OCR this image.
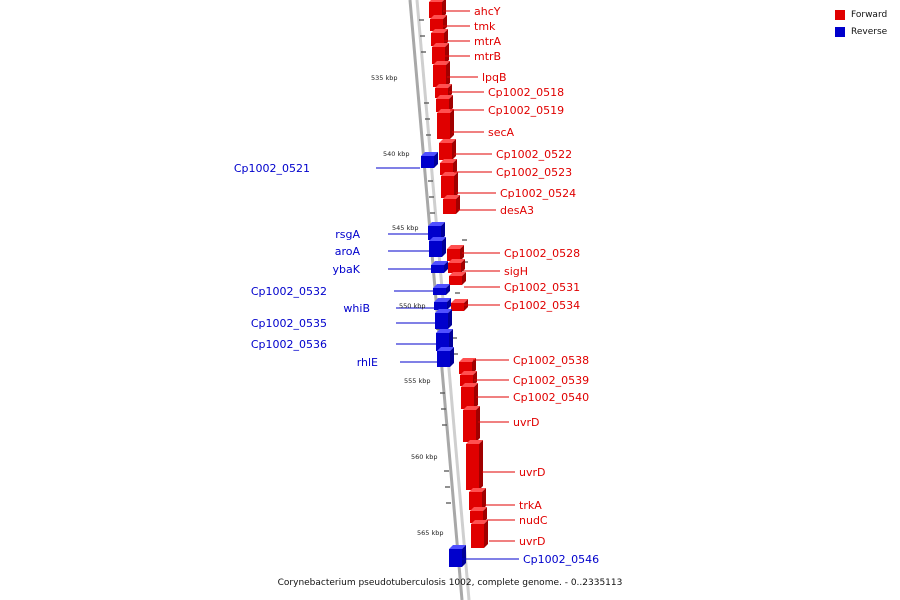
ahcY
tmk
mtrA
mtrB
lpqB
Cp1002_0518
Cp1002_0519
secA
Cp1002_0521
Cp1002_0522
Cp1002_0523
Cp1002_0524
desA3
rsgA
aroA	Cp1002_0528
ybaK	sigH
Cp1002_0531
Cp1002_0532
Cp1002_0534
whiB
Cp1002_0535
Cp1002_0536
rhlE	Cp1002_0538
Cp1002_0539
Cp1002_0540
uvrD
uvrD
trkA
nudC
uvrD
Cp1002_0546
535 kbp
540 kbp
545 kbp
550 kbp
555 kbp
560 kbp
565 kbp
Forward
Reverse
Corynebacterium pseudotuberculosis 1002, complete genome. - 0..2335113
